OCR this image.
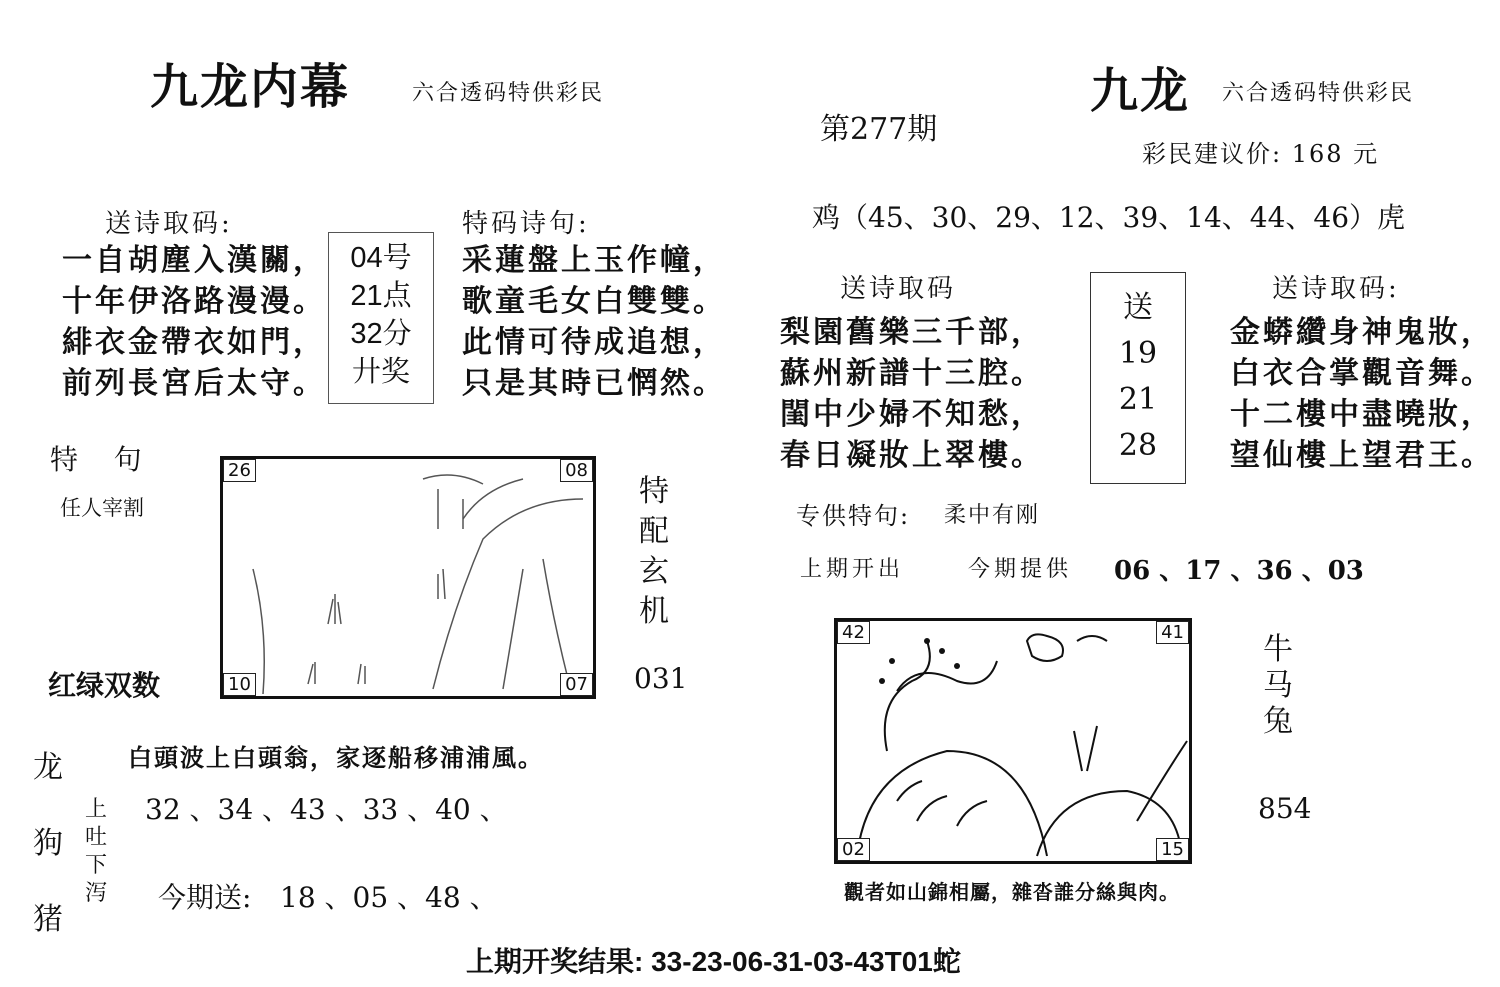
九龙内幕	六合透码特供彩民
送诗取码:
一自胡塵入漢關，
十年伊洛路漫漫。
緋衣金帶衣如門，
前列長宮后太守。
04号
21点
32分
廾奖
特码诗句:
采蓮盤上玉作幢，
歌童毛女白雙雙。
此情可待成追想，
只是其時已惘然。
特    句
任人宰割
26	08
10	07
特
配
玄
机
031
红绿双数
龙
狗
猪
上
吐
下
泻
白頭波上白頭翁，家逐船移浦浦風。
32 、34 、43 、33 、40 、
今期送: 18 、05 、48 、
九龙 六合透码特供彩民
第277期
彩民建议价: 168 元
鸡（45、30、29、12、39、14、44、46）虎
送诗取码
梨園舊樂三千部，
蘇州新譜十三腔。
閨中少婦不知愁，
春日凝妝上翠樓。
送
19
21
28
送诗取码:
金蟒纘身神鬼妝，
白衣合掌觀音舞。
十二樓中盡曉妝，
望仙樓上望君王。
专供特句: 柔中有刚
上期开出	今期提供 06 、17 、36 、03
42	41
02	15
牛
马
兔
854
觀者如山錦相屬，雜沓誰分絲與肉。
上期开奖结果: 33-23-06-31-03-43T01蛇
